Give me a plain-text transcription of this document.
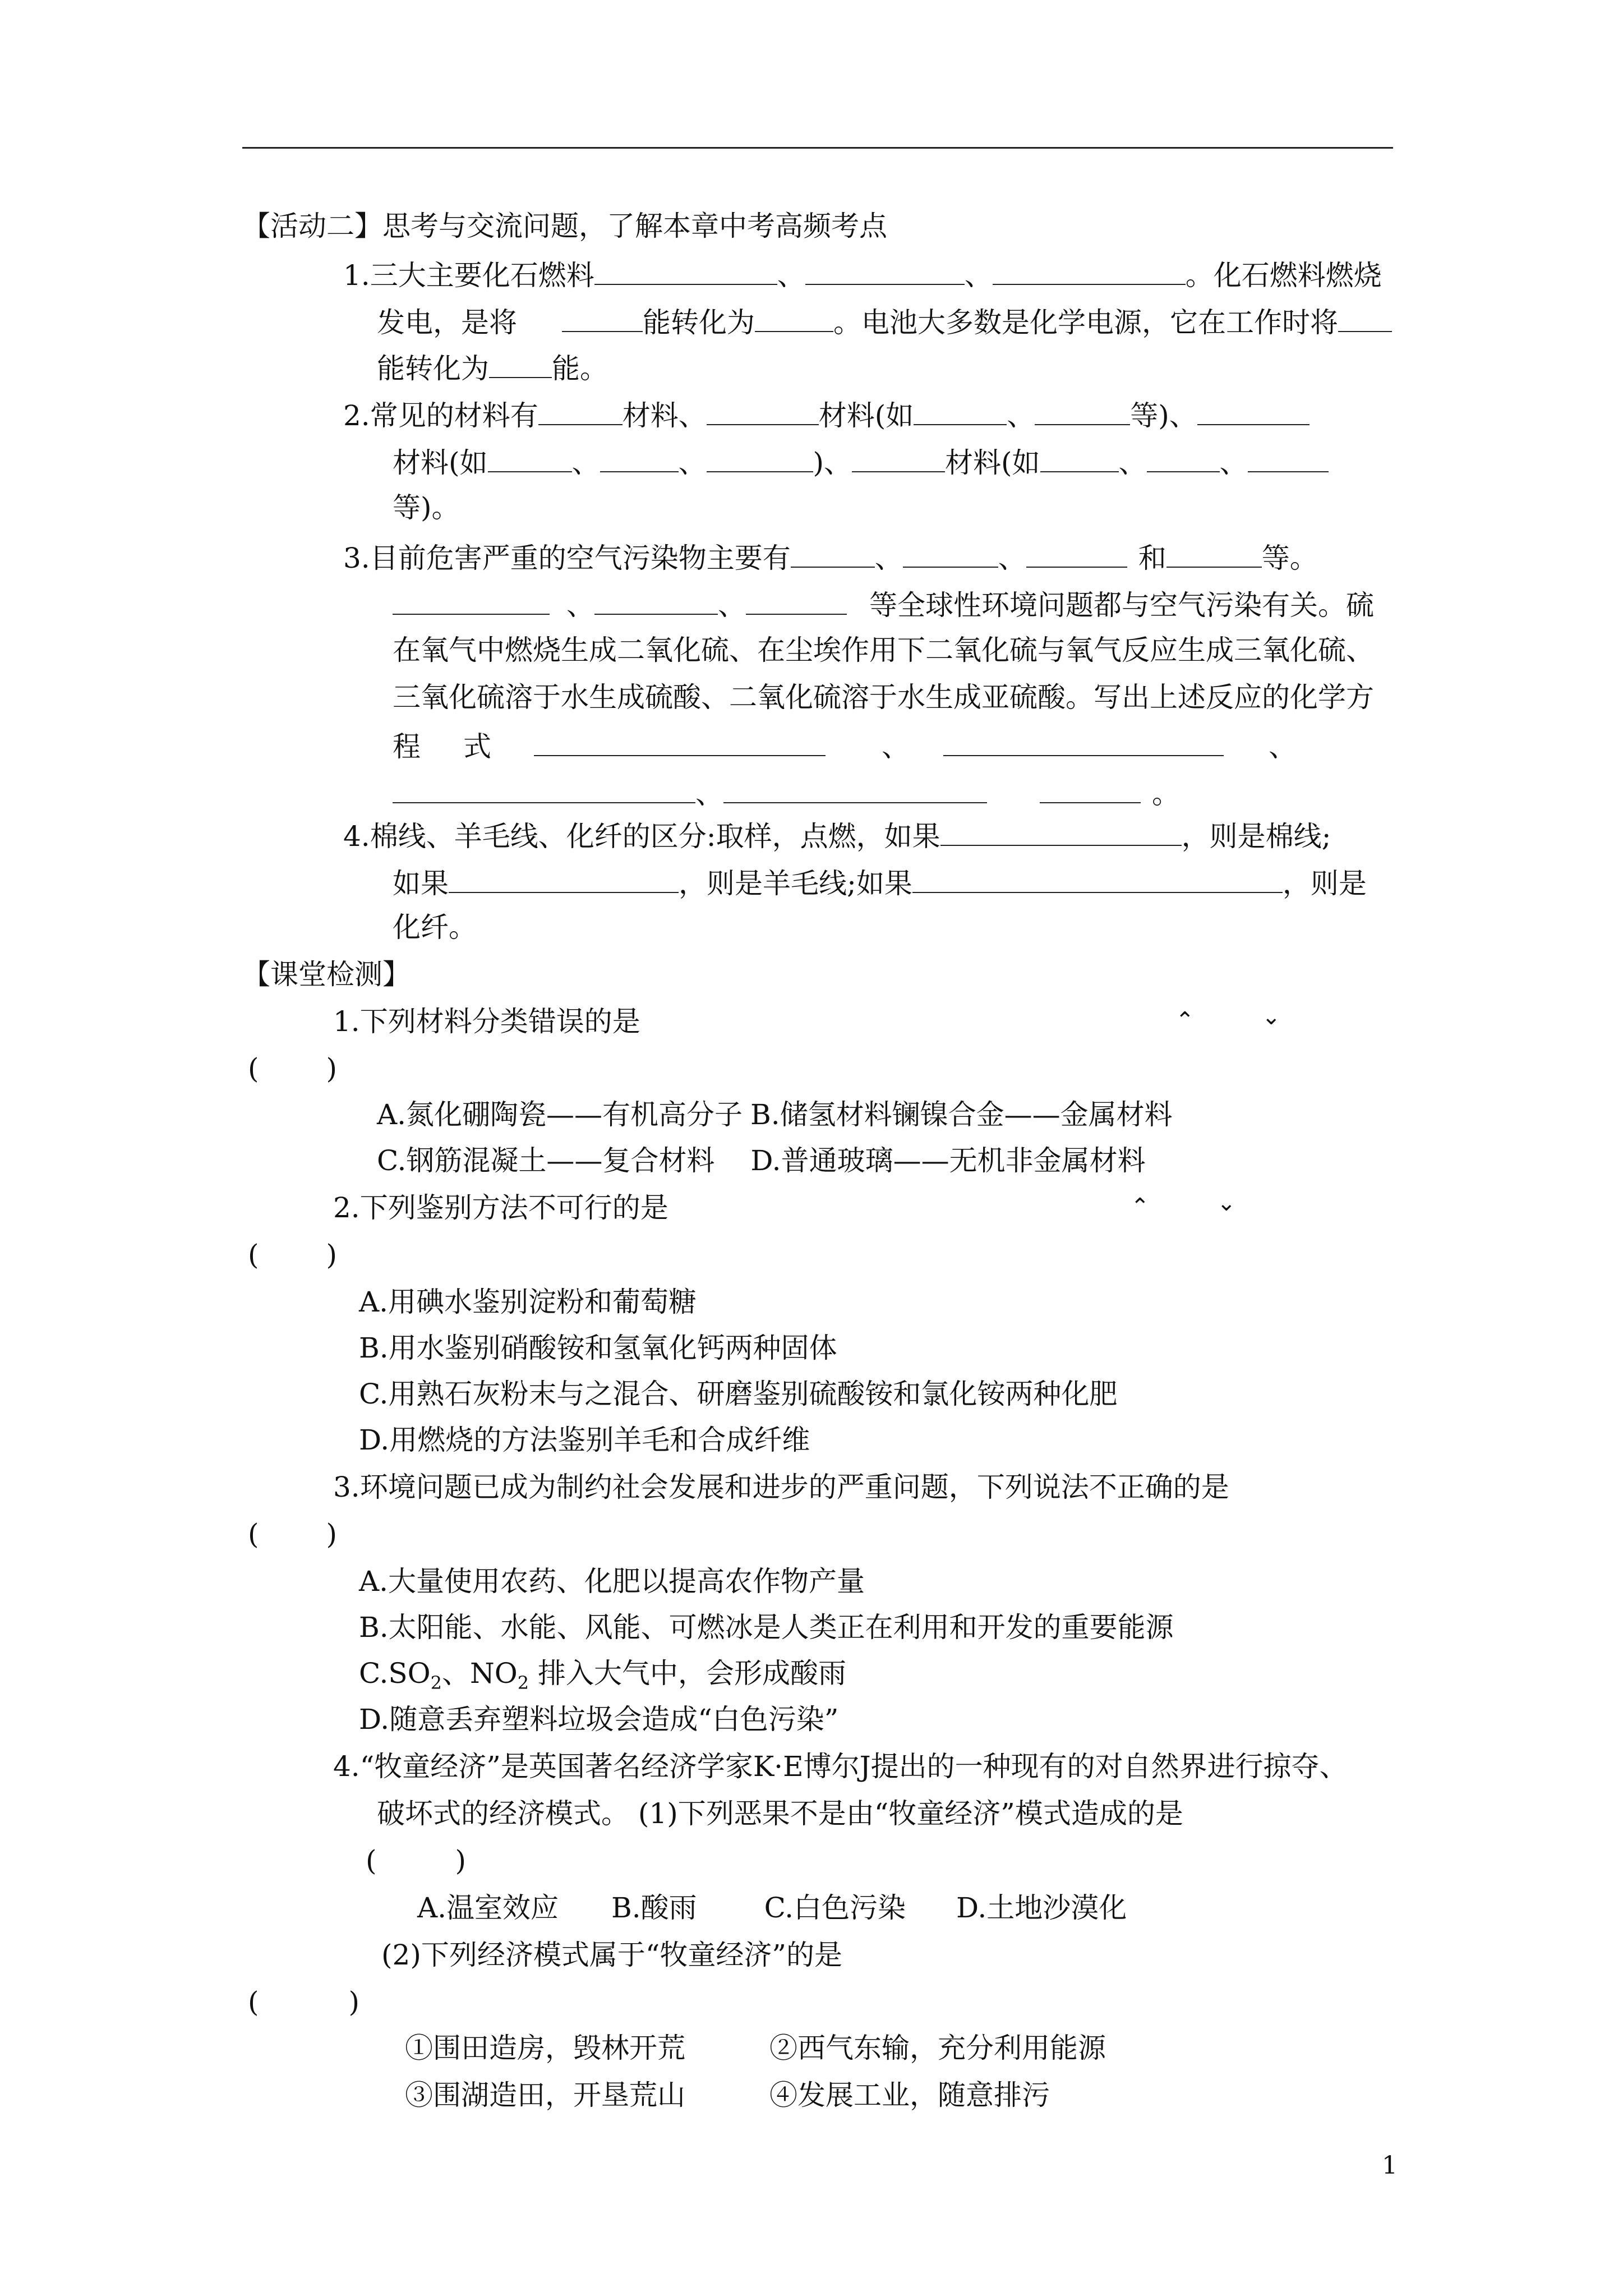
【活动二】思考与交流问题，了解本章中考高频考点
1.三大主要化石燃料	、	、	。化石燃料燃烧
发电，是将	能转化为	。电池大多数是化学电源，它在工作时将
能转化为 能。
2.常见的材料有	材料、	材料(如	、	等)、
材料(如	、	、	)、	材料(如	、	、
等)。
3.目前危害严重的空气污染物主要有	、	、	和	等。
、	、	等全球性环境问题都与空气污染有关。硫
在氧气中燃烧生成二氧化硫、在尘埃作用下二氧化硫与氧气反应生成三氧化硫、
三氧化硫溶于水生成硫酸、二氧化硫溶于水生成亚硫酸。写出上述反应的化学方
程 式	、	、
、	。
4.棉线、羊毛线、化纤的区分:取样，点燃，如果	，则是棉线;
如果	，则是羊毛线;如果	，则是
化纤。
【课堂检测】
1.下列材料分类错误的是	⌃	⌄
( )
A.氮化硼陶瓷——有机高分子 B.储氢材料镧镍合金——金属材料
C.钢筋混凝土——复合材料 D.普通玻璃——无机非金属材料
2.下列鉴别方法不可行的是	⌃	⌄
( )
A.用碘水鉴别淀粉和葡萄糖
B.用水鉴别硝酸铵和氢氧化钙两种固体
C.用熟石灰粉末与之混合、研磨鉴别硫酸铵和氯化铵两种化肥
D.用燃烧的方法鉴别羊毛和合成纤维
3.环境问题已成为制约社会发展和进步的严重问题，下列说法不正确的是
( )
A.大量使用农药、化肥以提高农作物产量
B.太阳能、水能、风能、可燃冰是人类正在利用和开发的重要能源
$C.SO_2$、$NO_2$ 排入大气中，会形成酸雨
D.随意丢弃塑料垃圾会造成“白色污染”
4.“牧童经济”是英国著名经济学家K·E博尔J提出的一种现有的对自然界进行掠夺、
破坏式的经济模式。 (1)下列恶果不是由“牧童经济”模式造成的是
(	)
A.温室效应 B.酸雨 C.白色污染 D.土地沙漠化
(2)下列经济模式属于“牧童经济”的是
(	)
①围田造房，毁林开荒	②西气东输，充分利用能源
③围湖造田，开垦荒山	④发展工业，随意排污
1
